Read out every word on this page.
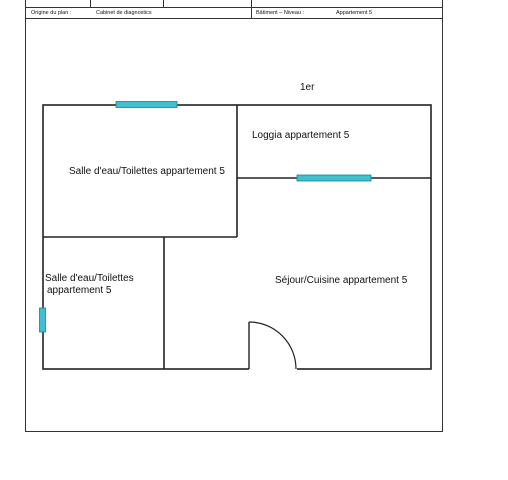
Origine du plan :	Cabinet de diagnostics	Bâtiment – Niveau :	Appartement 5
1er
Salle d'eau/Toilettes appartement 5
Loggia appartement 5
Salle d'eau/Toilettes
appartement 5
Séjour/Cuisine appartement 5
